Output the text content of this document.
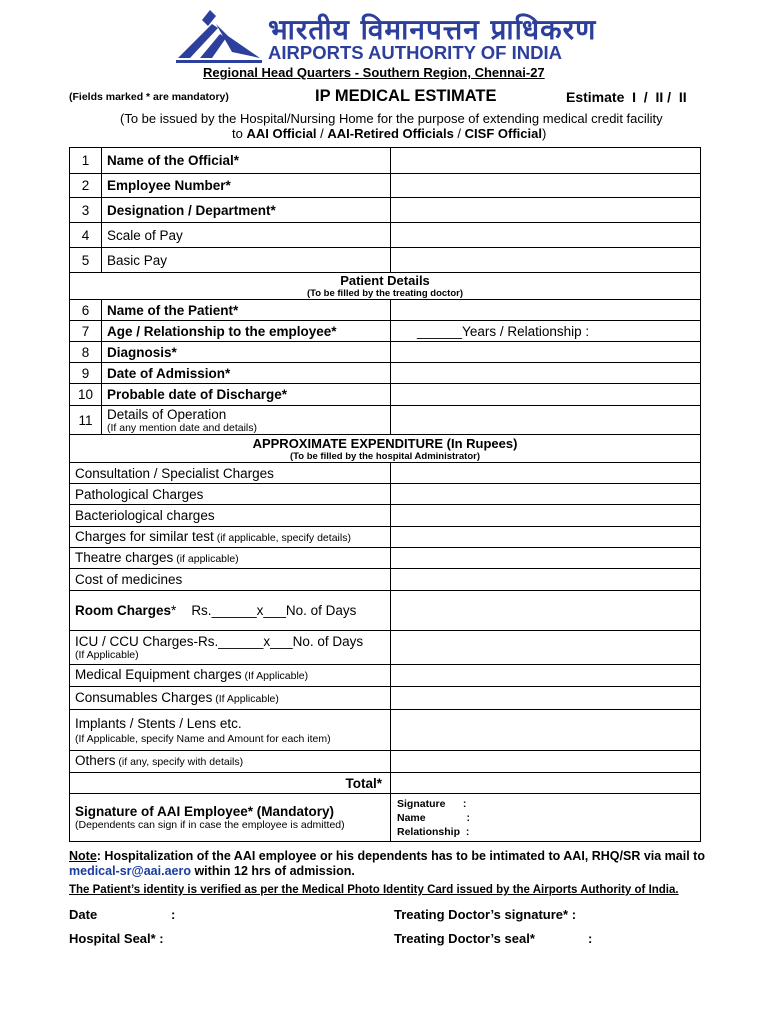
भारतीय विमानपत्तन प्राधिकरण
AIRPORTS AUTHORITY OF INDIA
Regional Head Quarters - Southern Region, Chennai-27
(Fields marked * are mandatory)	IP MEDICAL ESTIMATE	Estimate  I  /  II /  II
(To be issued by the Hospital/Nursing Home for the purpose of extending medical credit facility
to AAI Official / AAI-Retired Officials / CISF Official)
1	Name of the Official*	
2	Employee Number*	
3	Designation / Department*	
4	Scale of Pay	
5	Basic Pay	
Patient Details
(To be filled by the treating doctor)		

6	Name of the Patient*	
7	Age / Relationship to the employee*	______Years / Relationship :
8	Diagnosis*	
9	Date of Admission*	
10	Probable date of Discharge*	
11	Details of Operation
(If any mention date and details)	

APPROXIMATE EXPENDITURE (In Rupees)
(To be filled by the hospital Administrator)		

Consultation / Specialist Charges		
Pathological Charges		
Bacteriological charges		
Charges for similar test (if applicable, specify details)		
Theatre charges (if applicable)		
Cost of medicines		
Room Charges* Rs.______x___No. of Days		
ICU / CCU Charges-Rs.______x___No. of Days
(If Applicable)		

Medical Equipment charges (If Applicable)		
Consumables Charges (If Applicable)		
Implants / Stents / Lens etc.
(If Applicable, specify Name and Amount for each item)		

Others (if any, specify with details)		
Total*		
Signature of AAI Employee* (Mandatory)
(Dependents can sign if in case the employee is admitted)		Signature      :
Name              :
Relationship  :
Note: Hospitalization of the AAI employee or his dependents has to be intimated to AAI, RHQ/SR via mail to
medical-sr@aai.aero within 12 hrs of admission.
The Patient’s identity is verified as per the Medical Photo Identity Card issued by the Airports Authority of India.
Date	:
Hospital Seal* :
Treating Doctor’s signature* :
Treating Doctor’s seal*	:
